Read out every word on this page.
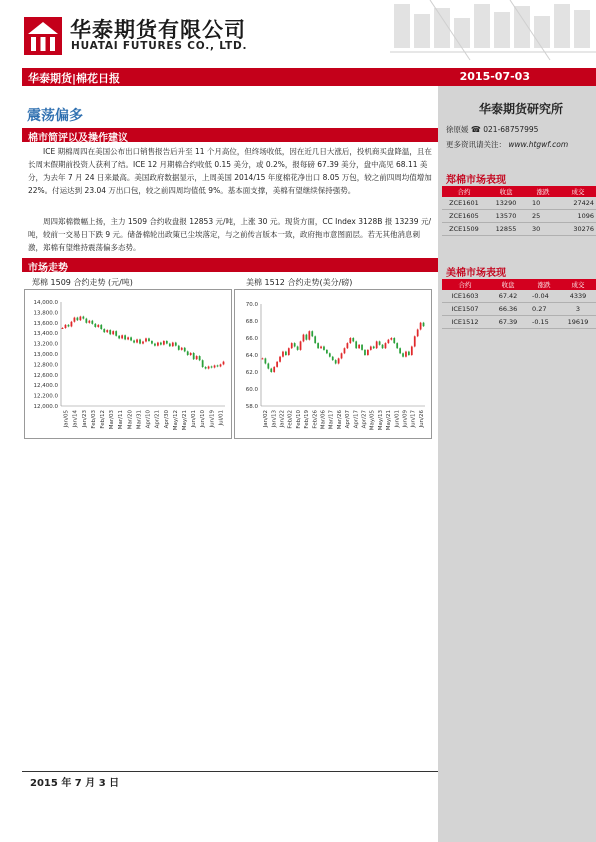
华泰期货有限公司
HUATAI FUTURES CO., LTD.
华泰期货|棉花日报	2015-07-03
华泰期货研究所
徐原媛 ☎ 021-68757995
更多资讯请关注： www.htgwf.com
郑棉市场表现
合约	收盘	涨跌	成交
ZCE1601	13290	10	27424
ZCE1605	13570	25	1096
ZCE1509	12855	30	30276
美棉市场表现
合约	收盘	涨跌	成交
ICE1603	67.42	-0.04	4339
ICE1507	66.36	0.27	3
ICE1512	67.39	-0.15	19619
震荡偏多
棉市简评以及操作建议

ICE 期棉周四在美国公布出口销售报告后升至 11 个月高位，但终场收低，因在近几日大涨后，投机商买盘降温，且在长周末假期前投资人获利了结。ICE 12 月期棉合约收低 0.15 美分，或 0.2%，报每磅 67.39 美分，盘中高见 68.11 美分，为去年 7 月 24 日来最高。美国政府数据显示，上周美国 2014/15 年度棉花净出口 8.05 万包，较之前四周均值增加 22%。付运达到 23.04 万出口包，较之前四周均值低 9%。基本面支撑，美棉有望继续保持强势。

周四郑棉微幅上扬，主力 1509 合约收盘报 12853 元/吨，上涨 30 元。现货方面，CC Index 3128B 报 13239 元/吨，较前一交易日下跌 9 元。储备棉轮出政策已尘埃落定，与之前传言版本一致，政府拖市意图面层。若无其他消息刺激，郑棉有望维持震荡偏多态势。

市场走势
郑棉 1509 合约走势 (元/吨)	美棉 1512 合约走势(美分/磅)
14,000.0
13,800.0
13,600.0
13,400.0
13,200.0
13,000.0
12,800.0
12,600.0
12,400.0
12,200.0
12,000.0
Jan/05 Jan/14 Jan/23 Feb/03 Feb/12 Mar/03 Mar/11 Mar/20 Mar/31 Apr/10 Apr/21 Apr/30 May/12 May/21 Jun/01 Jun/10 Jun/19 Jul/01
70.0
68.0
66.0
64.0
62.0
60.0
58.0
Jan/02 Jan/13 Jan/22 Feb/02 Feb/10 Feb/19 Feb/26 Mar/06 Mar/17 Mar/26 Apr/07 Apr/17 Apr/27 May/05 May/13 May/21 Jun/01 Jun/09 Jun/17 Jun/26
2015 年 7 月 3 日
